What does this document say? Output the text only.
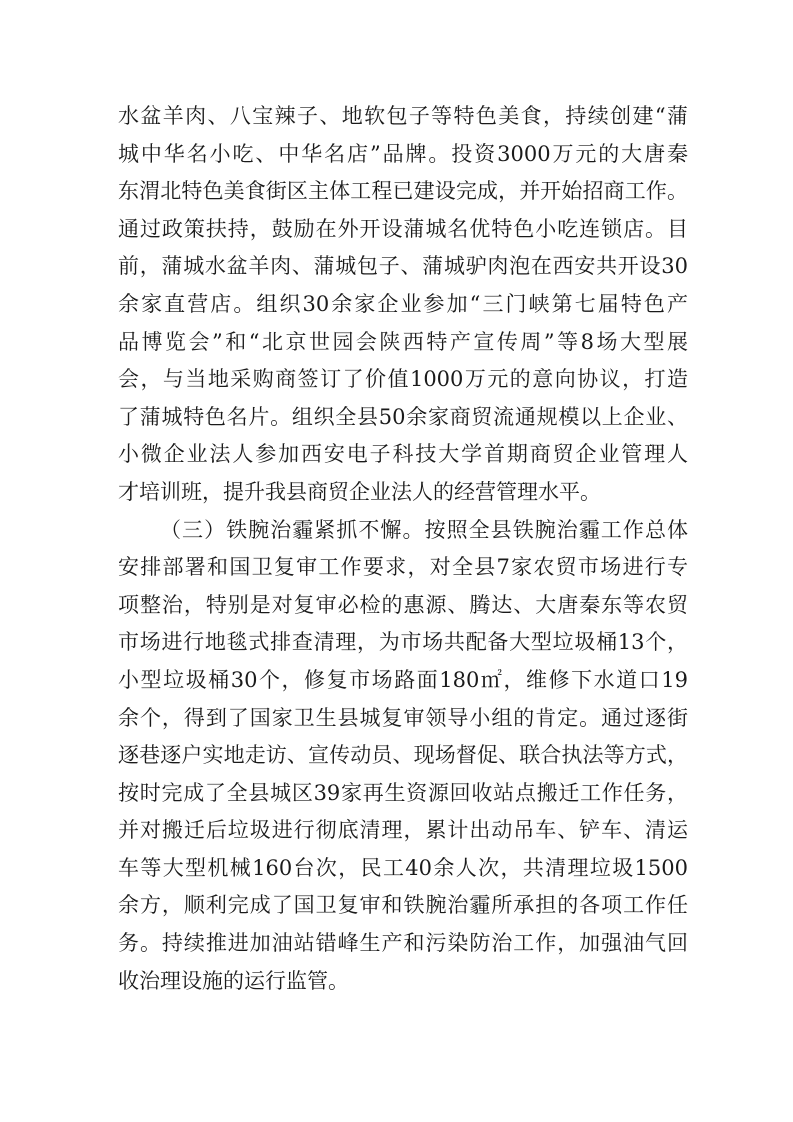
水盆羊肉、八宝辣子、地软包子等特色美食，持续创建“蒲
城中华名小吃、中华名店”品牌。投资3000万元的大唐秦
东渭北特色美食街区主体工程已建设完成，并开始招商工作。
通过政策扶持，鼓励在外开设蒲城名优特色小吃连锁店。目
前，蒲城水盆羊肉、蒲城包子、蒲城驴肉泡在西安共开设30
余家直营店。组织30余家企业参加“三门峡第七届特色产
品博览会”和“北京世园会陕西特产宣传周”等8场大型展
会，与当地采购商签订了价值1000万元的意向协议，打造
了蒲城特色名片。组织全县50余家商贸流通规模以上企业、
小微企业法人参加西安电子科技大学首期商贸企业管理人
才培训班，提升我县商贸企业法人的经营管理水平。
（三）铁腕治霾紧抓不懈。按照全县铁腕治霾工作总体
安排部署和国卫复审工作要求，对全县7家农贸市场进行专
项整治，特别是对复审必检的惠源、腾达、大唐秦东等农贸
市场进行地毯式排查清理，为市场共配备大型垃圾桶13个，
小型垃圾桶30个，修复市场路面180㎡，维修下水道口19
余个，得到了国家卫生县城复审领导小组的肯定。通过逐街
逐巷逐户实地走访、宣传动员、现场督促、联合执法等方式，
按时完成了全县城区39家再生资源回收站点搬迁工作任务，
并对搬迁后垃圾进行彻底清理，累计出动吊车、铲车、清运
车等大型机械160台次，民工40余人次，共清理垃圾1500
余方，顺利完成了国卫复审和铁腕治霾所承担的各项工作任
务。持续推进加油站错峰生产和污染防治工作，加强油气回
收治理设施的运行监管。
